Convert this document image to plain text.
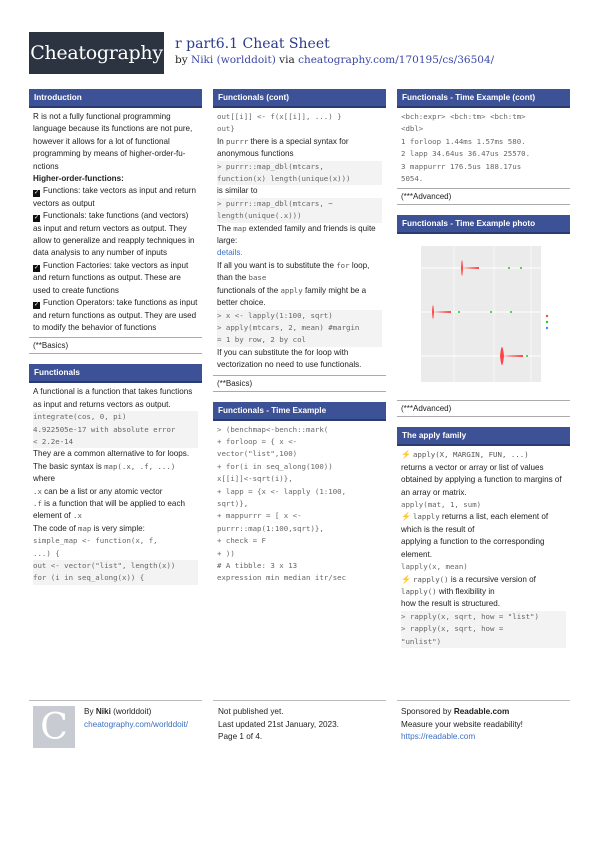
Cheatography r part6.1 Cheat Sheet
by Niki (worlddoit) via cheatography.com/170195/cs/36504/
Introduction

R is not a fully functional programming language because its functions are not pure, however it allows for a lot of functional programming by means of higher-order-fu- nctions

Higher-order-functions:

✓ Functions: take vectors as input and return vectors as output

✓ Functionals: take functions (and vectors) as input and return vectors as output. They allow to generalize and reapply techniques in data analysis to any number of inputs

✓ Function Factories: take vectors as input and return functions as output. These are used to create functions

✓ Function Operators: take functions as input and return functions as output. They are used to modify the behavior of functions

(**Basics)
Functionals

A functional is a function that takes functions as input and returns vectors as output.

integrate(cos, 0, pi)

4.922505e-17 with absolute error

< 2.2e-14

They are a common alternative to for loops. The basic syntax is map(.x, .f, ...) where

.x can be a list or any atomic vector

.f is a function that will be applied to each element of .x

The code of map is very simple:

simple_map <- function(x, f,

...) {

out <- vector("list", length(x))

for (i in seq_along(x)) {

Functionals (cont)

out[[i]] <- f(x[[i]], ...) }

out}

In purrr there is a special syntax for anonymous functions

> purrr::map_dbl(mtcars,

function(x) length(unique(x)))

is similar to

> purrr::map_dbl(mtcars, ~

length(unique(.x)))

The map extended family and friends is quite large:

details.

If all you want is to substitute the for loop, than the base

functionals of the apply family might be a better choice.

> x <- lapply(1:100, sqrt)

> apply(mtcars, 2, mean) #margin

= 1 by row, 2 by col

If you can substitute the for loop with vectorization no need to use functionals.

(**Basics)
Functionals - Time Example

> (benchmap<-bench::mark(

+ forloop = { x <-

vector("list",100)

+ for(i in seq_along(100))

x[[i]]<-sqrt(i)},

+ lapp = {x <- lapply (1:100,

sqrt)},

+ mappurrr = [ x <-

purrr::map(1:100,sqrt)},

+ check = F

+ ))

# A tibble: 3 x 13

expression min median itr/sec

Functionals - Time Example (cont)

<bch:expr> <bch:tm> <bch:tm>

<dbl>

1 forloop 1.44ms 1.57ms 580.

2 lapp 34.64us 36.47us 25570.

3 mappurrr 176.5us 188.17us

5054.

(***Advanced)
Functionals - Time Example photo
(***Advanced)
The apply family

⚡ apply(X, MARGIN, FUN, ...)

returns a vector or array or list of values obtained by applying a function to margins of an array or matrix.

apply(mat, 1, sum)

⚡ lapply returns a list, each element of which is the result of

applying a function to the corresponding element.

lapply(x, mean)

⚡ rapply() is a recursive version of

lapply() with flexibility in

how the result is structured.

> rapply(x, sqrt, how = "list")

> rapply(x, sqrt, how =

"unlist")

C	By Niki (worlddoit)
cheatography.com/worlddoit/
Not published yet.
Last updated 21st January, 2023.
Page 1 of 4.
Sponsored by Readable.com
Measure your website readability!
https://readable.com
